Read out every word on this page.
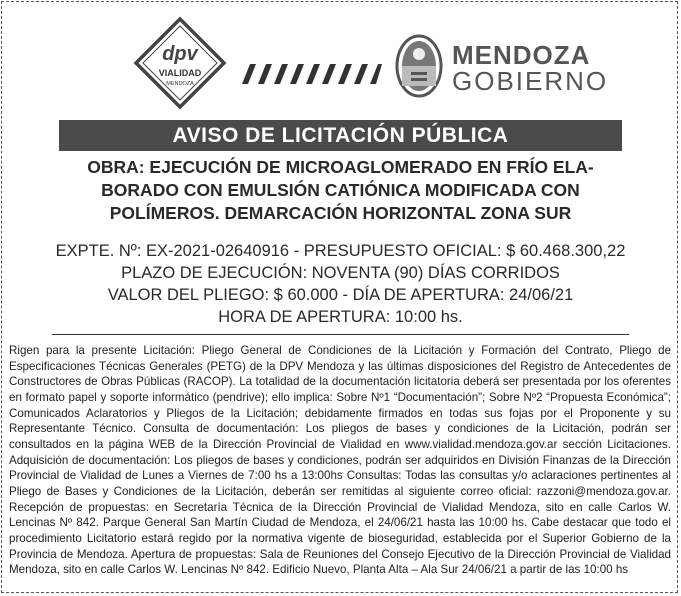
dpv
VIALIDAD
MENDOZA
MENDOZA
GOBIERNO
AVISO DE LICITACIÓN PÚBLICA
OBRA: EJECUCIÓN DE MICROAGLOMERADO EN FRÍO ELA-
BORADO CON EMULSIÓN CATIÓNICA MODIFICADA CON
POLÍMEROS. DEMARCACIÓN HORIZONTAL ZONA SUR
EXPTE. Nº: EX-2021-02640916 - PRESUPUESTO OFICIAL: $ 60.468.300,22
PLAZO DE EJECUCIÓN: NOVENTA (90) DÍAS CORRIDOS
VALOR DEL PLIEGO: $ 60.000 - DÍA DE APERTURA: 24/06/21
HORA DE APERTURA: 10:00 hs.
Rigen para la presente Licitación: Pliego General de Condiciones de la Licitación y Formación del Contrato, Pliego de Especificaciones Técnicas Generales (PETG) de la DPV Mendoza y las últimas disposiciones del Registro de Antecedentes de Constructores de Obras Públicas (RACOP). La totalidad de la documentación licitatoria deberá ser presentada por los oferentes en formato papel y soporte informático (pendrive); ello implica: Sobre Nº1 “Documentación”; Sobre Nº2 “Propuesta Económica”; Comunicados Aclaratorios y Pliegos de la Licitación; debidamente firmados en todas sus fojas por el Proponente y su Representante Técnico. Consulta de documentación: Los pliegos de bases y condiciones de la Licitación, podrán ser consultados en la página WEB de la Dirección Provincial de Vialidad en www.vialidad.mendoza.gov.ar sección Licitaciones. Adquisición de documentación: Los pliegos de bases y condiciones, podrán ser adquiridos en División Finanzas de la Dirección Provincial de Vialidad de Lunes a Viernes de 7:00 hs a 13:00hs Consultas: Todas las consultas y/o aclaraciones pertinentes al Pliego de Bases y Condiciones de la Licitación, deberán ser remitidas al siguiente correo oficial: razzoni@mendoza.gov.ar. Recepción de propuestas: en Secretaría Técnica de la Dirección Provincial de Vialidad Mendoza, sito en calle Carlos W. Lencinas Nº 842. Parque General San Martín Ciudad de Mendoza, el 24/06/21 hasta las 10:00 hs. Cabe destacar que todo el procedimiento Licitatorio estará regido por la normativa vigente de bioseguridad, establecida por el Superior Gobierno de la Provincia de Mendoza. Apertura de propuestas: Sala de Reuniones del Consejo Ejecutivo de la Dirección Provincial de Vialidad Mendoza, sito en calle Carlos W. Lencinas Nº 842. Edificio Nuevo, Planta Alta – Ala Sur 24/06/21 a partir de las 10:00 hs
